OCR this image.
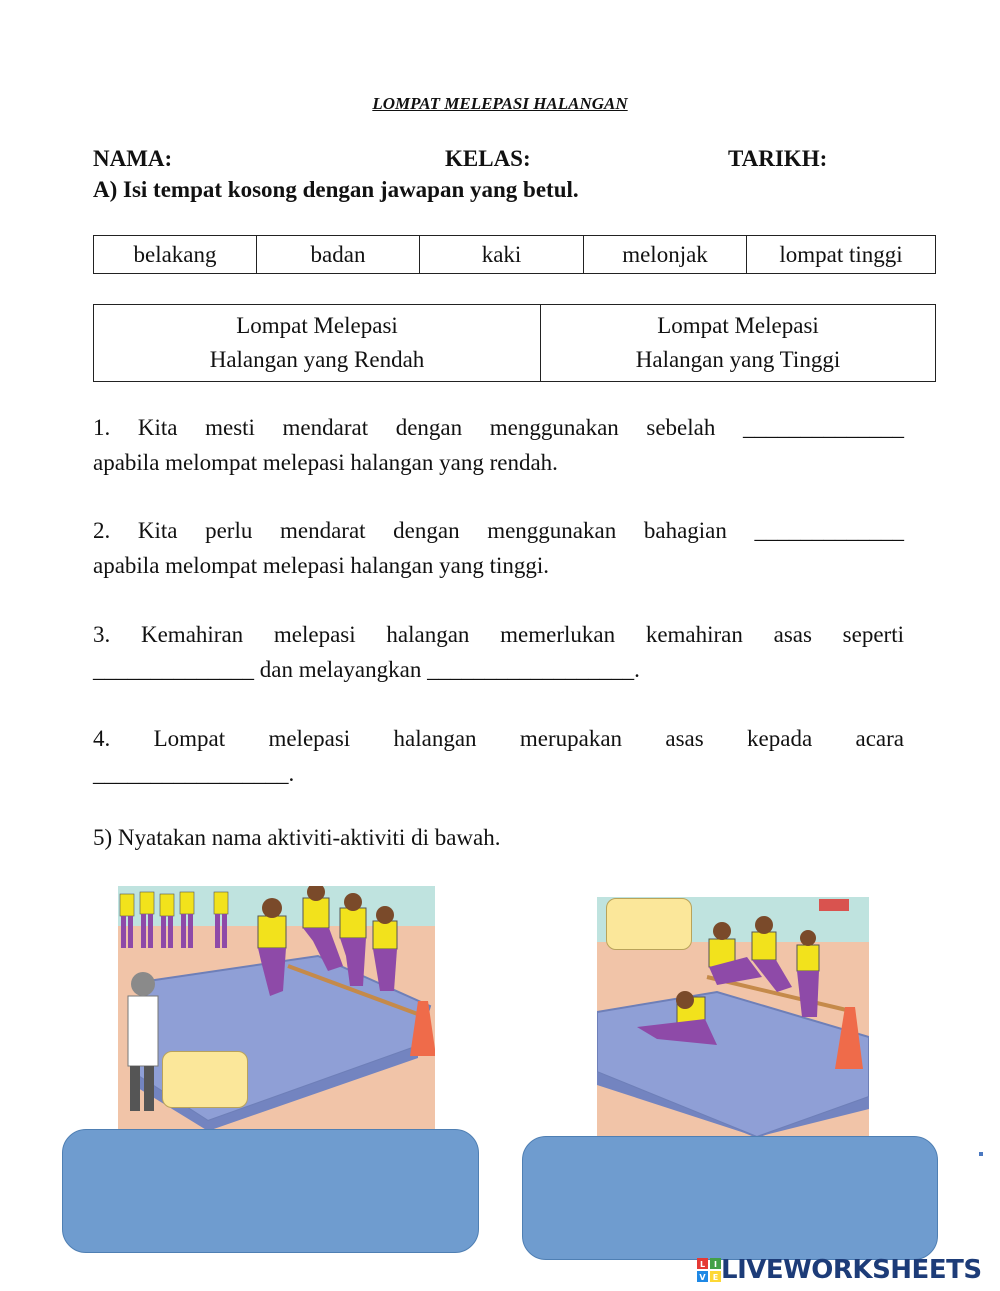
LOMPAT MELEPASI HALANGAN
NAMA:	KELAS:	TARIKH:
A) Isi tempat kosong dengan jawapan yang betul.
belakang	badan	kaki	melonjak	lompat tinggi
Lompat Melepasi
Halangan yang Rendah

Lompat Melepasi
Halangan yang Tinggi
1. Kita mesti mendarat dengan menggunakan sebelah ______________
apabila melompat melepasi halangan yang rendah.
2. Kita perlu mendarat dengan menggunakan bahagian _____________
apabila melompat melepasi halangan yang tinggi.
3. Kemahiran melepasi halangan memerlukan kemahiran asas seperti
______________ dan melayangkan __________________.
4. Lompat melepasi halangan merupakan asas kepada acara
_________________.
5) Nyatakan nama aktiviti-aktiviti di bawah.
L I
V E LIVEWORKSHEETS
